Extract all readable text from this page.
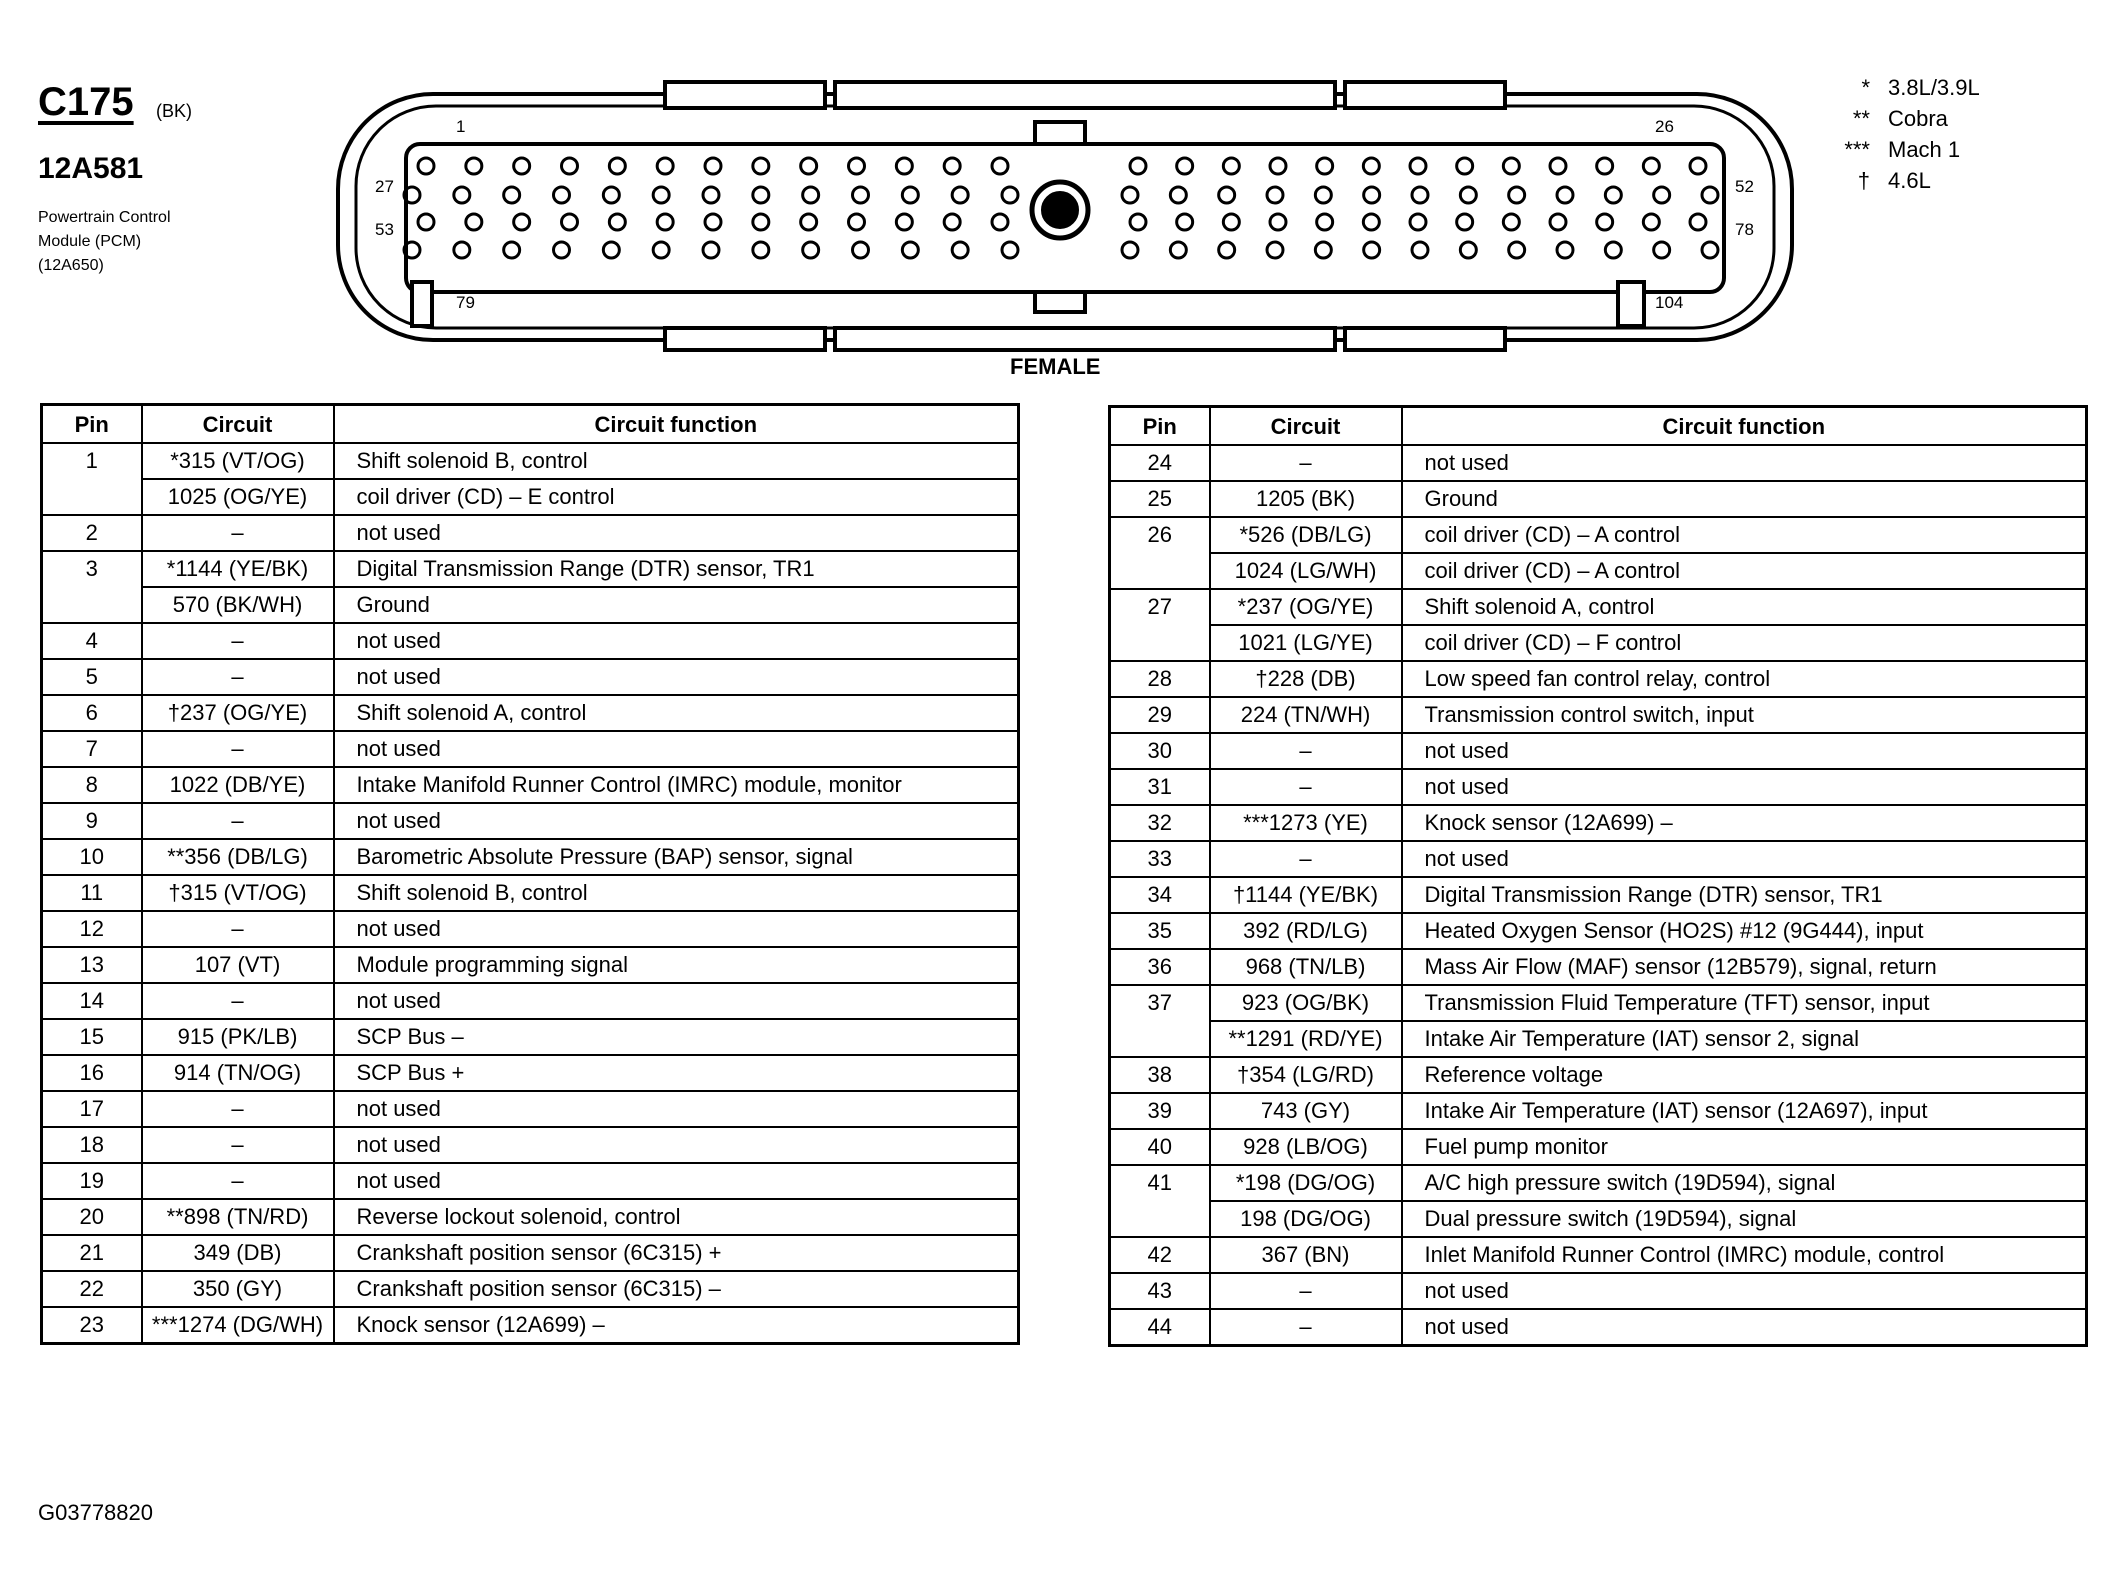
C175 (BK)
12A581
Powertrain Control
Module (PCM)
(12A650)
* 3.8L/3.9L
** Cobra
*** Mach 1
† 4.6L
1	26
27	52
53	78
79	104
FEMALE
Pin	Circuit	Circuit function
1	*315 (VT/OG)	Shift solenoid B, control
	1025 (OG/YE)	coil driver (CD) – E control
2	–	not used
3	*1144 (YE/BK)	Digital Transmission Range (DTR) sensor, TR1
	570 (BK/WH)	Ground
4	–	not used
5	–	not used
6	†237 (OG/YE)	Shift solenoid A, control
7	–	not used
8	1022 (DB/YE)	Intake Manifold Runner Control (IMRC) module, monitor
9	–	not used
10	**356 (DB/LG)	Barometric Absolute Pressure (BAP) sensor, signal
11	†315 (VT/OG)	Shift solenoid B, control
12	–	not used
13	107 (VT)	Module programming signal
14	–	not used
15	915 (PK/LB)	SCP Bus –
16	914 (TN/OG)	SCP Bus +
17	–	not used
18	–	not used
19	–	not used
20	**898 (TN/RD)	Reverse lockout solenoid, control
21	349 (DB)	Crankshaft position sensor (6C315) +
22	350 (GY)	Crankshaft position sensor (6C315) –
23	***1274 (DG/WH)	Knock sensor (12A699) –
Pin	Circuit	Circuit function
24	–	not used
25	1205 (BK)	Ground
26	*526 (DB/LG)	coil driver (CD) – A control
	1024 (LG/WH)	coil driver (CD) – A control
27	*237 (OG/YE)	Shift solenoid A, control
	1021 (LG/YE)	coil driver (CD) – F control
28	†228 (DB)	Low speed fan control relay, control
29	224 (TN/WH)	Transmission control switch, input
30	–	not used
31	–	not used
32	***1273 (YE)	Knock sensor (12A699) –
33	–	not used
34	†1144 (YE/BK)	Digital Transmission Range (DTR) sensor, TR1
35	392 (RD/LG)	Heated Oxygen Sensor (HO2S) #12 (9G444), input
36	968 (TN/LB)	Mass Air Flow (MAF) sensor (12B579), signal, return
37	923 (OG/BK)	Transmission Fluid Temperature (TFT) sensor, input
	**1291 (RD/YE)	Intake Air Temperature (IAT) sensor 2, signal
38	†354 (LG/RD)	Reference voltage
39	743 (GY)	Intake Air Temperature (IAT) sensor (12A697), input
40	928 (LB/OG)	Fuel pump monitor
41	*198 (DG/OG)	A/C high pressure switch (19D594), signal
	198 (DG/OG)	Dual pressure switch (19D594), signal
42	367 (BN)	Inlet Manifold Runner Control (IMRC) module, control
43	–	not used
44	–	not used
G03778820
